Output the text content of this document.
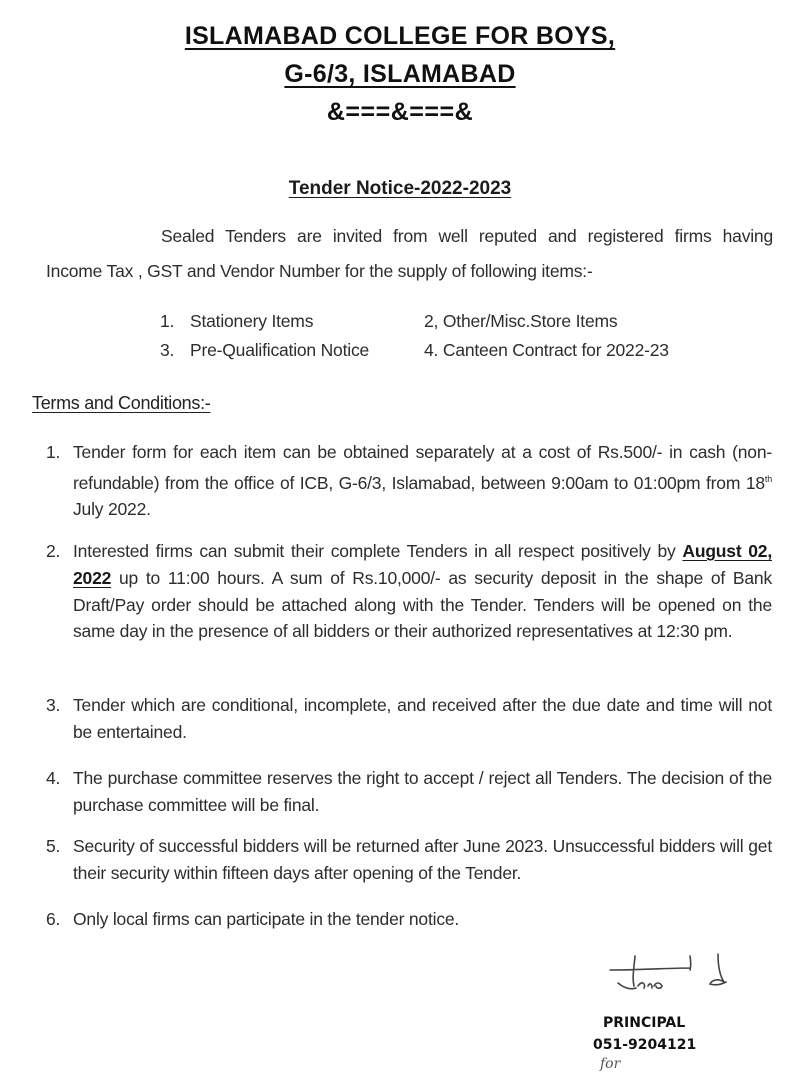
ISLAMABAD COLLEGE FOR BOYS,
G-6/3, ISLAMABAD
&===&===&
Tender Notice-2022-2023
Sealed Tenders are invited from well reputed and registered firms having
Income Tax , GST and Vendor Number for the supply of following items:-
1. Stationery Items	2, Other/Misc.Store Items
3. Pre-Qualification Notice	4. Canteen Contract for 2022-23
Terms and Conditions:-
1. Tender form for each item can be obtained separately at a cost of Rs.500/- in cash (non-refundable) from the office of ICB, G-6/3, Islamabad, between 9:00am to 01:00pm from 18th July 2022.
2. Interested firms can submit their complete Tenders in all respect positively by August 02, 2022 up to 11:00 hours. A sum of Rs.10,000/- as security deposit in the shape of Bank Draft/Pay order should be attached along with the Tender. Tenders will be opened on the same day in the presence of all bidders or their authorized representatives at 12:30 pm.
3. Tender which are conditional, incomplete, and received after the due date and time will not be entertained.
4. The purchase committee reserves the right to accept / reject all Tenders. The decision of the purchase committee will be final.
5. Security of successful bidders will be returned after June 2023. Unsuccessful bidders will get their security within fifteen days after opening of the Tender.
6. Only local firms can participate in the tender notice.
PRINCIPAL
051-9204121
for
